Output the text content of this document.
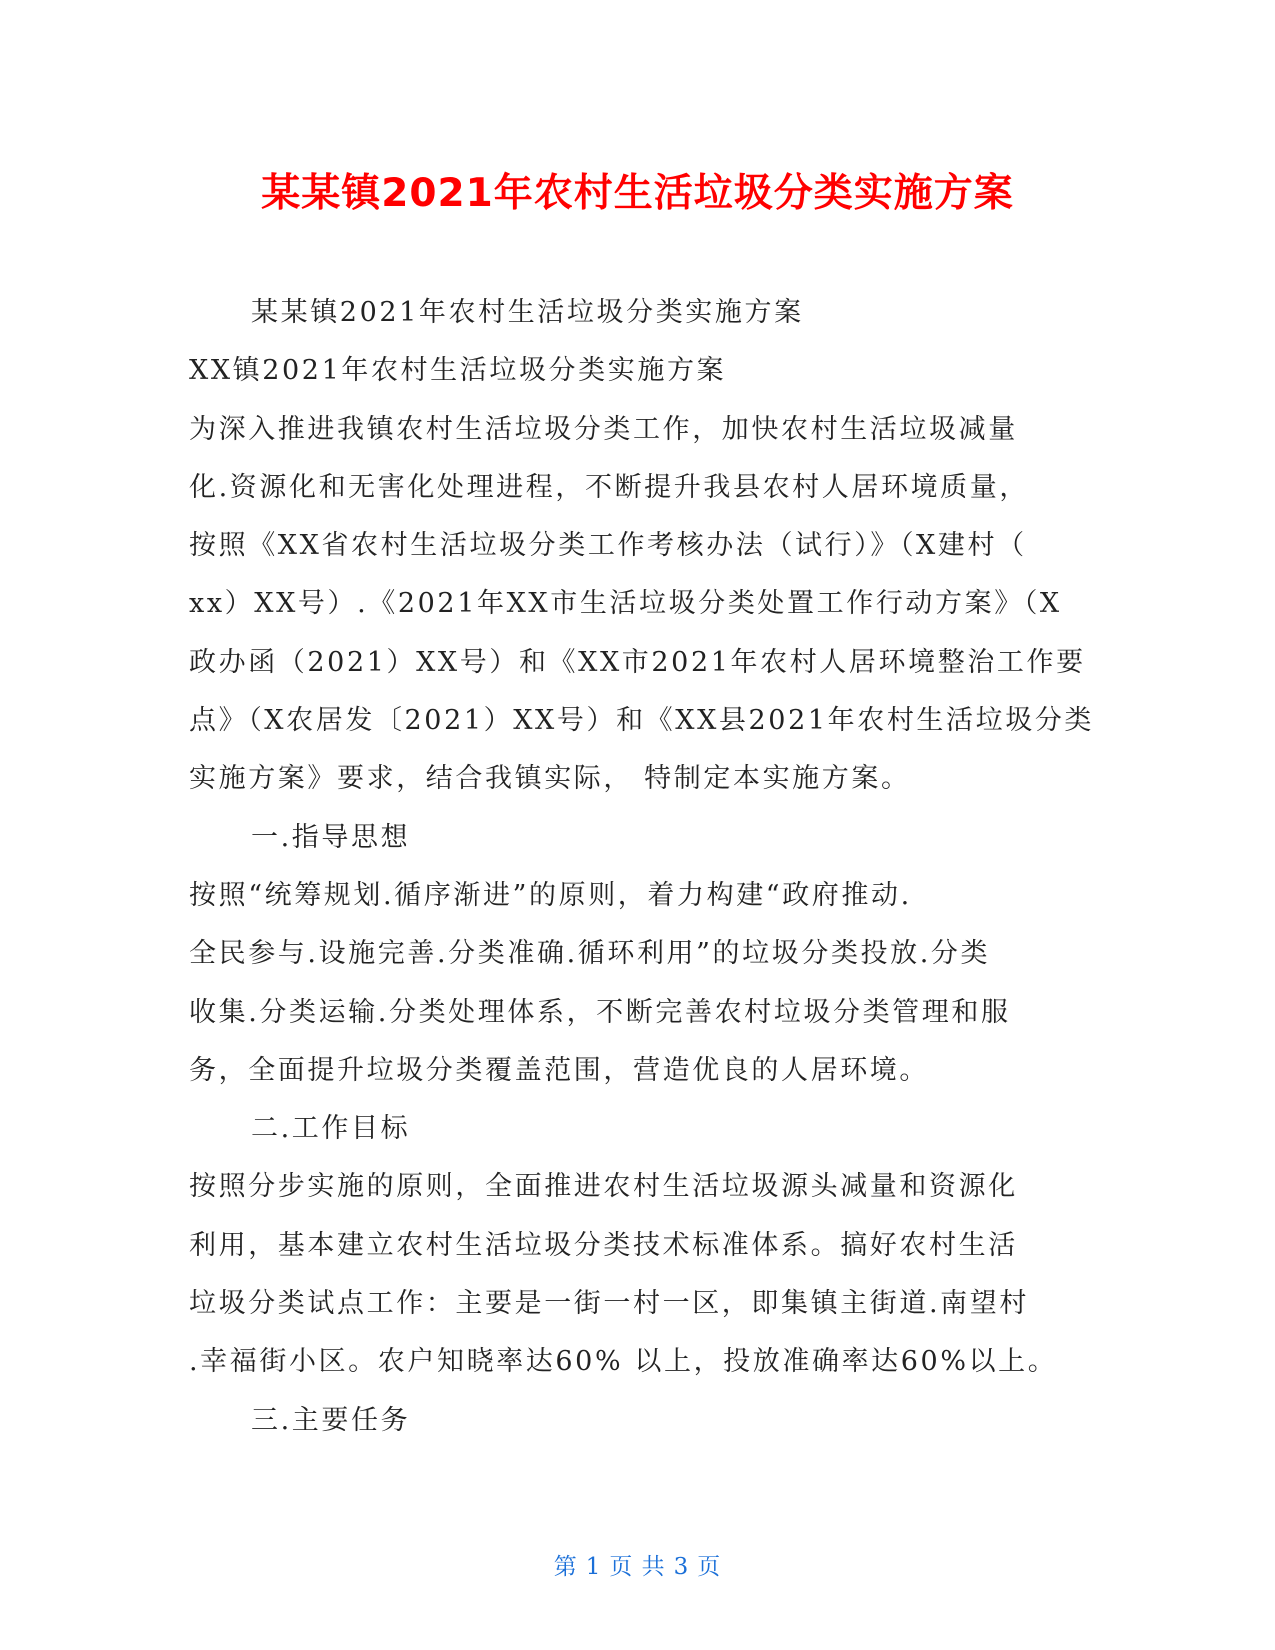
某某镇2021年农村生活垃圾分类实施方案

某某镇2021年农村生活垃圾分类实施方案

XX镇2021年农村生活垃圾分类实施方案

为深入推进我镇农村生活垃圾分类工作，加快农村生活垃圾减量

化.资源化和无害化处理进程，不断提升我县农村人居环境质量，

按照《XX省农村生活垃圾分类工作考核办法（试行）》（X建村（

xx）XX号）.《2021年XX市生活垃圾分类处置工作行动方案》（X

政办函（2021）XX号）和《XX市2021年农村人居环境整治工作要

点》（X农居发〔2021）XX号）和《XX县2021年农村生活垃圾分类

实施方案》要求，结合我镇实际， 特制定本实施方案。

一.指导思想

按照“统筹规划.循序渐进”的原则，着力构建“政府推动.

全民参与.设施完善.分类准确.循环利用”的垃圾分类投放.分类

收集.分类运输.分类处理体系，不断完善农村垃圾分类管理和服

务，全面提升垃圾分类覆盖范围，营造优良的人居环境。

二.工作目标

按照分步实施的原则，全面推进农村生活垃圾源头减量和资源化

利用，基本建立农村生活垃圾分类技术标准体系。搞好农村生活

垃圾分类试点工作：主要是一街一村一区，即集镇主街道.南望村

.幸福街小区。农户知晓率达60% 以上，投放准确率达60%以上。

三.主要任务

第 1 页 共 3 页
